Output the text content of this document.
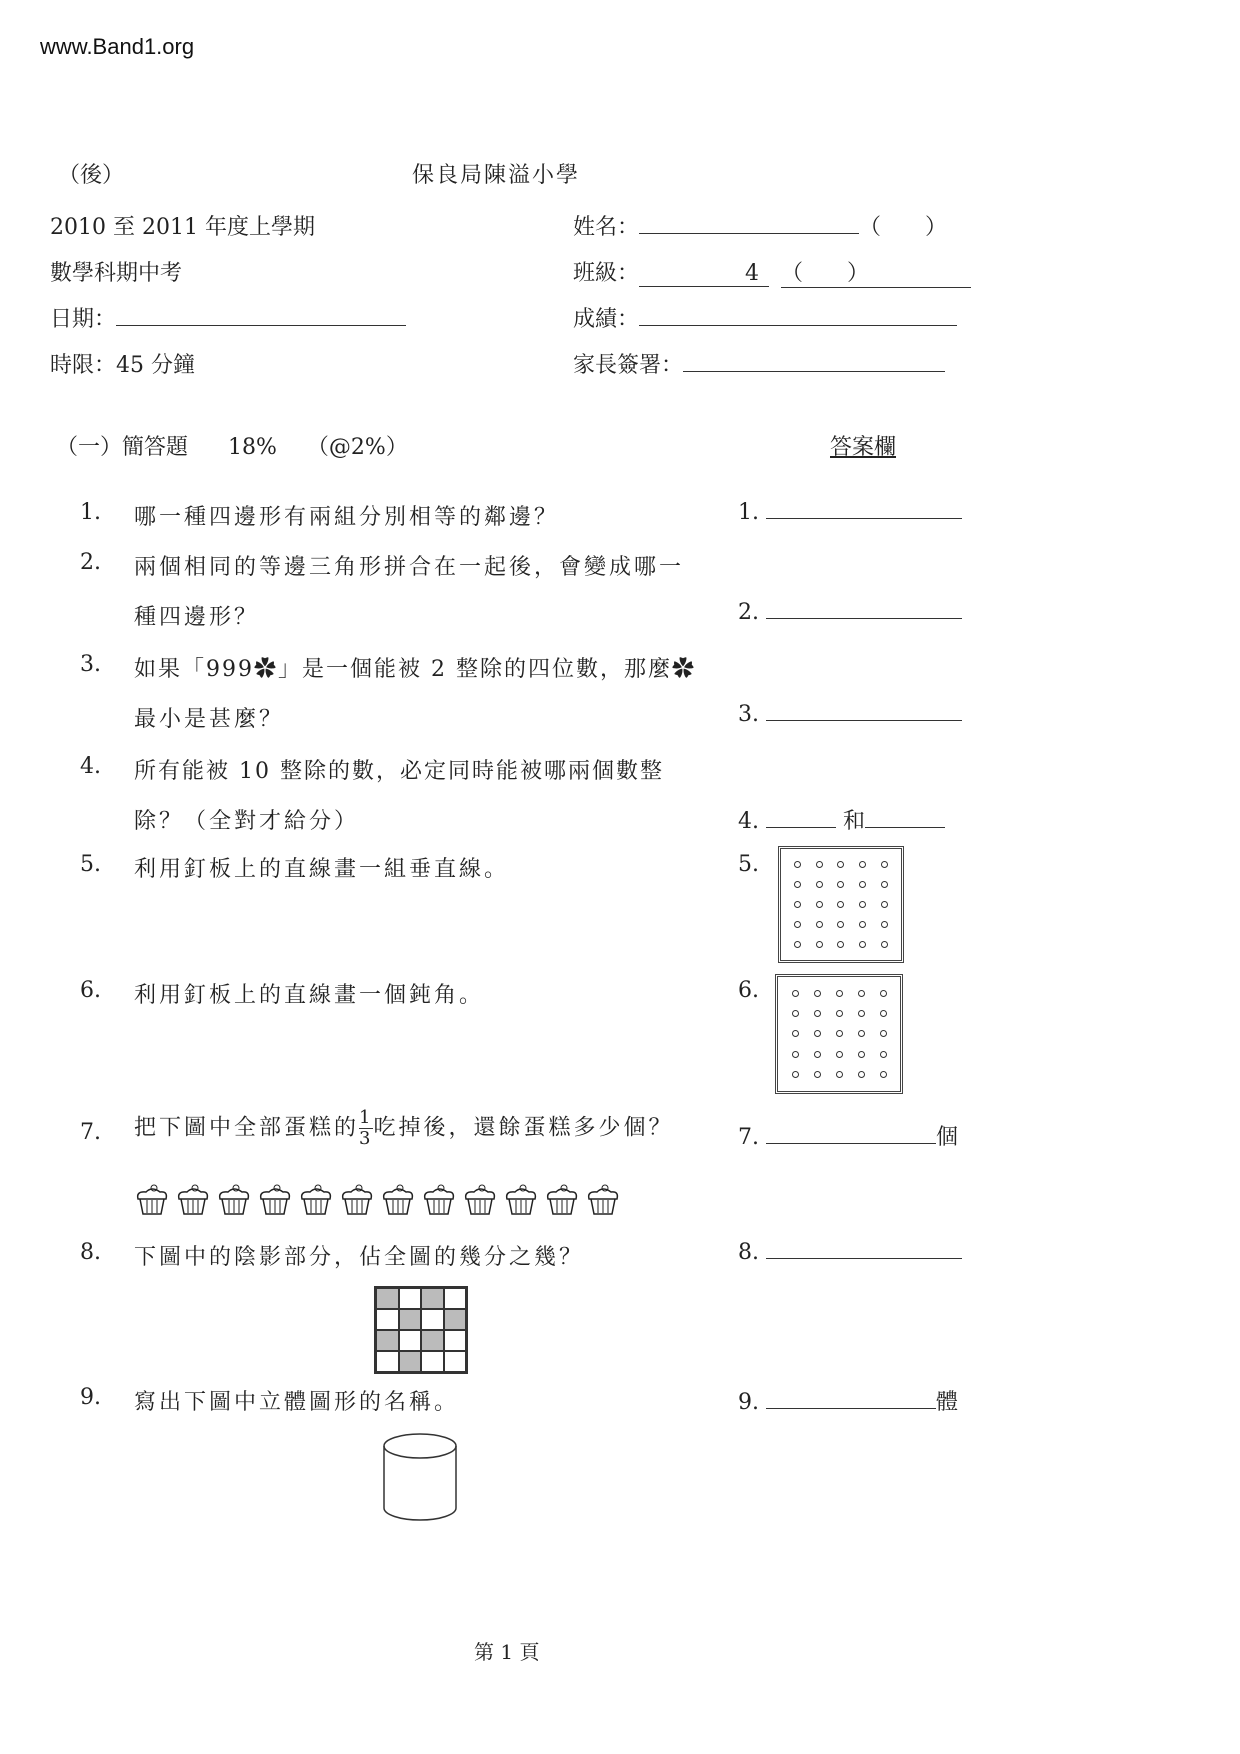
www.Band1.org
（後）	保良局陳溢小學
2010 至 2011 年度上學期
數學科期中考
日期：
時限：45 分鐘
姓名：	（　　）
班級：	4 （　　）
成績：
家長簽署：
（一）簡答題 18% （@2%）	答案欄
1. 哪一種四邊形有兩組分別相等的鄰邊？	1.
2. 兩個相同的等邊三角形拼合在一起後，會變成哪一
種四邊形？	2.
3. 如果「999✿」是一個能被 2 整除的四位數，那麼✿
最小是甚麼？	3.
4. 所有能被 10 整除的數，必定同時能被哪兩個數整
除？（全對才給分）	4.	和
5. 利用釘板上的直線畫一組垂直線。	5.
6. 利用釘板上的直線畫一個鈍角。	6.
7. 把下圖中全部蛋糕的 $\frac{1}{3}$ 吃掉後，還餘蛋糕多少個？	7.	個
8. 下圖中的陰影部分，佔全圖的幾分之幾？	8.
9. 寫出下圖中立體圖形的名稱。	9.	體
第 1 頁
